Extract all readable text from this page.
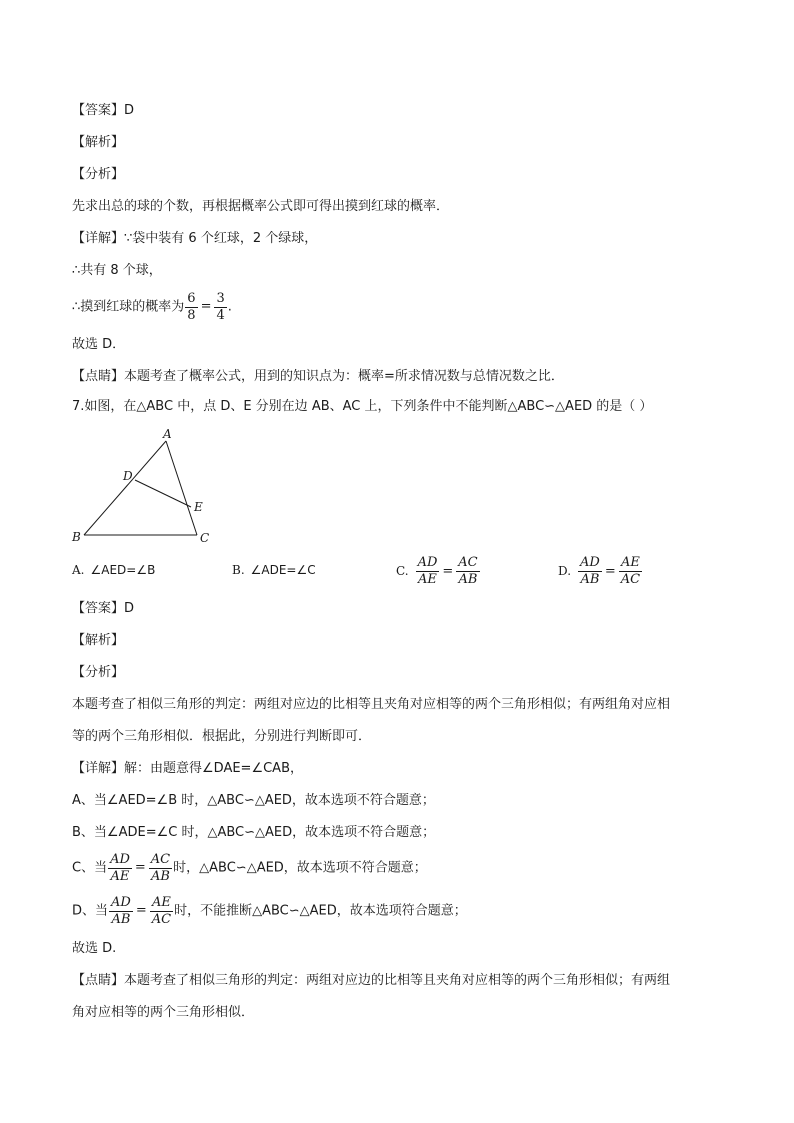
【答案】D
【解析】
【分析】
先求出总的球的个数，再根据概率公式即可得出摸到红球的概率．
【详解】∵袋中装有 6 个红球，2 个绿球，
∴共有 8 个球，
∴摸到红球的概率为 $\frac{6}{8} = \frac{3}{4}$ .
故选 D．
【点睛】本题考查了概率公式，用到的知识点为：概率=所求情况数与总情况数之比．
7.如图，在△ABC 中，点 D、E 分别在边 AB、AC 上，下列条件中不能判断△ABC∽△AED 的是（ ）
A
D
E
B	C
A. ∠AED=∠B	B. ∠ADE=∠C	C. $\frac{AD}{AE} = \frac{AC}{AB}$	D. $\frac{AD}{AB} = \frac{AE}{AC}$
【答案】D
【解析】
【分析】
本题考查了相似三角形的判定：两组对应边的比相等且夹角对应相等的两个三角形相似；有两组角对应相
等的两个三角形相似．根据此，分别进行判断即可．
【详解】解：由题意得∠DAE=∠CAB，
A、当∠AED=∠B 时，△ABC∽△AED，故本选项不符合题意；
B、当∠ADE=∠C 时，△ABC∽△AED，故本选项不符合题意；
C、当 $\frac{AD}{AE} = \frac{AC}{AB}$ 时，△ABC∽△AED，故本选项不符合题意；
D、当 $\frac{AD}{AB} = \frac{AE}{AC}$ 时，不能推断△ABC∽△AED，故本选项符合题意；
故选 D.
【点睛】本题考查了相似三角形的判定：两组对应边的比相等且夹角对应相等的两个三角形相似；有两组
角对应相等的两个三角形相似．
